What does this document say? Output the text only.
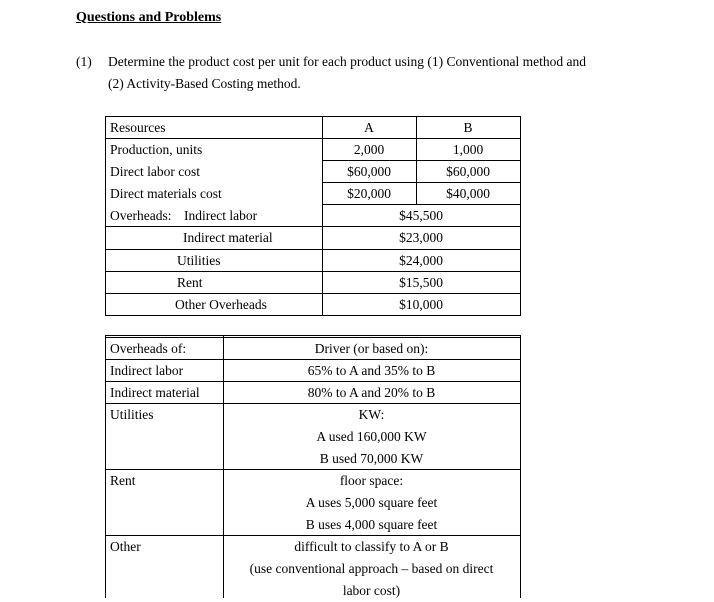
Questions and Problems
(1) Determine the product cost per unit for each product using (1) Conventional method and
(2) Activity-Based Costing method.
Resources	A	B
Production, units	2,000	1,000
Direct labor cost	$60,000	$60,000
Direct materials cost	$20,000	$40,000
Overheads: Indirect labor	$45,500
Indirect material	$23,000
Utilities	$24,000
Rent	$15,500
Other Overheads	$10,000
Overheads of:	Driver (or based on):
Indirect labor	65% to A and 35% to B
Indirect material	80% to A and 20% to B
Utilities	KW:
A used 160,000 KW
B used 70,000 KW
Rent	floor space:
A uses 5,000 square feet
B uses 4,000 square feet
Other	difficult to classify to A or B
(use conventional approach – based on direct
labor cost)
